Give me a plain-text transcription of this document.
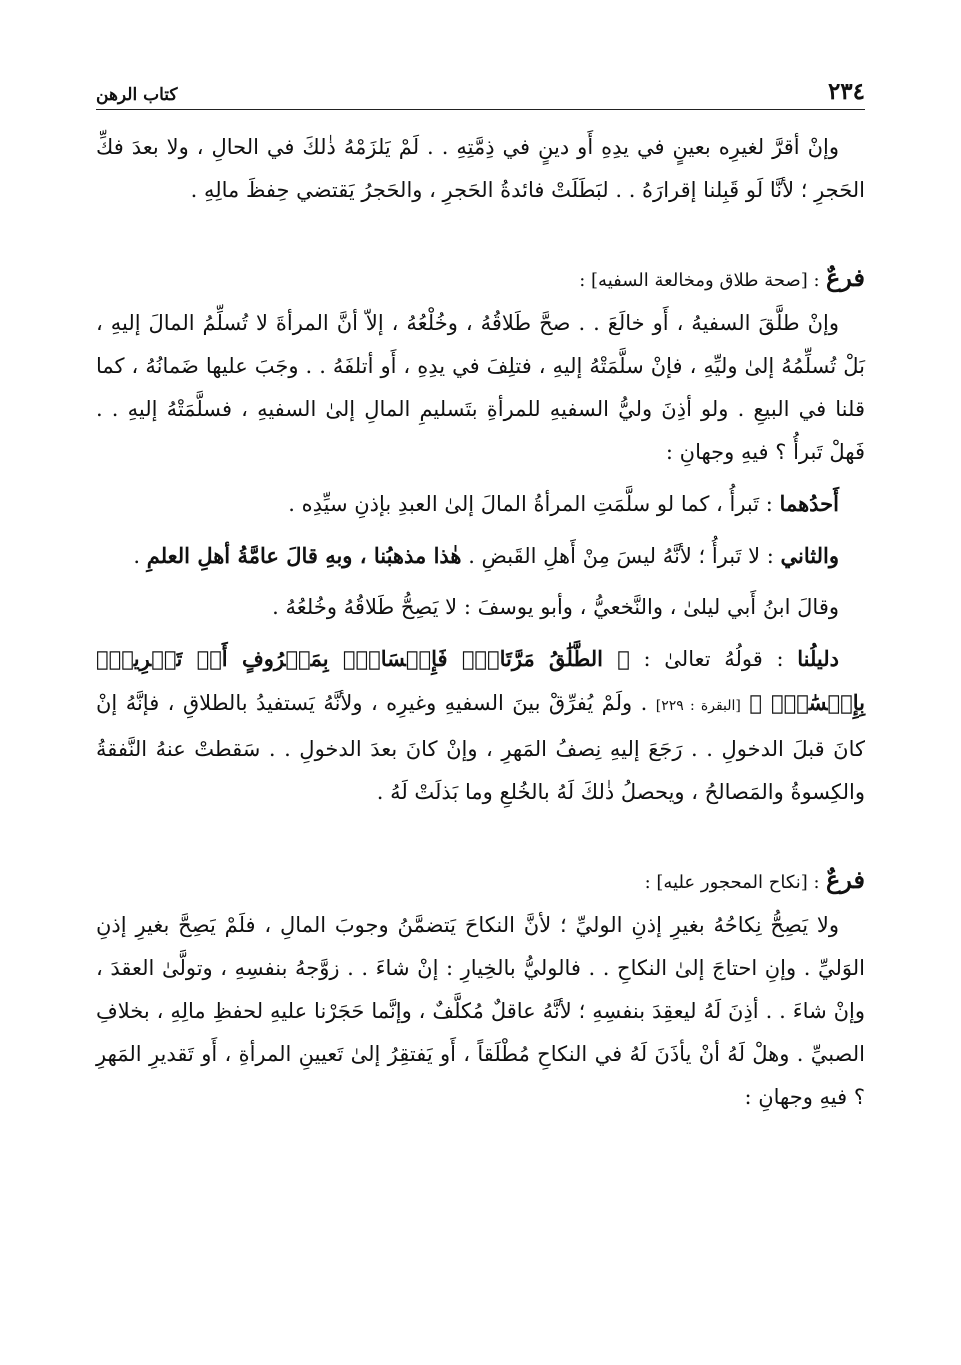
٢٣٤
كتاب الرهن

وإنْ أقرَّ لغيرِه بعينٍ في يدِهِ أَو دينٍ في ذِمَّتِهِ . . لَمْ يَلزَمْهُ ذٰلكَ في الحالِ ، ولا بعدَ فكِّ الحَجرِ ؛ لأنَّا لَو قَبِلنا إقرارَهُ . . لبَطَلَتْ فائدةُ الحَجرِ ، والحَجرُ يَقتضي حِفظَ مالِهِ .

فرعٌ : [صحة طلاق ومخالعة السفيه] :

وإنْ طلَّقَ السفيهُ ، أَو خالَعَ . . صحَّ طَلاقُهُ ، وخُلْعُهُ ، إلاّ أنَّ المرأةَ لا تُسلِّمُ المالَ إليهِ ، بَلْ تُسلِّمُهُ إلىٰ وليِّهِ ، فإنْ سلَّمَتْهُ إليهِ ، فتلِفَ في يدِهِ ، أَو أتلفَهُ . . وجَبَ عليها ضَمانُهُ ، كما قلنا في البيعِ . ولو أذِنَ وليُّ السفيهِ للمرأةِ بتَسليمِ المالِ إلىٰ السفيهِ ، فسلَّمَتْهُ إليهِ . . فَهلْ تَبرأُ ؟ فيهِ وجهانِ :

أَحدُهما : تَبرأُ ، كما لو سلَّمَتِ المرأةُ المالَ إلىٰ العبدِ بإذنِ سيِّدِه .

والثاني : لا تَبرأُ ؛ لأنَّهُ ليسَ مِنْ أَهلِ القَبضِ . هٰذا مذهبُنا ، وبهِ قالَ عامَّةُ أهلِ العلمِ .

وقالَ ابنُ أَبي ليلىٰ ، والنَّخعيُّ ، وأبو يوسفَ : لا يَصِحُّ طَلاقُهُ وخُلعُهُ .

دليلُنا : قولُهُ تعالىٰ : ﴿ الطَّلَٰقُ مَرَّتَانِۖ فَإِمۡسَاكُۢ بِمَعۡرُوفٍ أَوۡ تَسۡرِيحُۢ بِإِحۡسَٰنٖۗ ﴾ [البقرة : ٢٢٩] . ولَمْ يُفرِّقْ بينَ السفيهِ وغيرِه ، ولأنَّهُ يَستفيدُ بالطلاقِ ، فإنَّهُ إنْ كانَ قبلَ الدخولِ . . رَجَعَ إليهِ نِصفُ المَهرِ ، وإنْ كانَ بعدَ الدخولِ . . سَقطتْ عنهُ النَّفقةُ والكِسوةُ والمَصالحُ ، ويحصلُ ذٰلكَ لَهُ بالخُلعِ وما بَذلَتْ لَهُ .

فرعٌ : [نكاح المحجور عليه] :

ولا يَصِحُّ نِكاحُهُ بغيرِ إذنِ الوليِّ ؛ لأنَّ النكاحَ يَتضمَّنُ وجوبَ المالِ ، فلَمْ يَصِحَّ بغيرِ إذنِ الوَليِّ . وإنِ احتاجَ إلىٰ النكاحِ . . فالوليُّ بالخِيارِ : إنْ شاءَ . . زوَّجهُ بنفسِهِ ، وتولَّىٰ العقدَ ، وإنْ شاءَ . . أذِنَ لَهُ ليعقِدَ بنفسِهِ ؛ لأنَّهُ عاقلٌ مُكلَّفٌ ، وإنَّما حَجَرْنا عليهِ لحفظِ مالِهِ ، بخلافِ الصبيِّ . وهلْ لَهُ أنْ يأذَنَ لَهُ في النكاحِ مُطْلَقاً ، أَو يَفتقِرُ إلىٰ تَعيينِ المرأةِ ، أَو تَقديرِ المَهرِ ؟ فيهِ وجهانِ :
